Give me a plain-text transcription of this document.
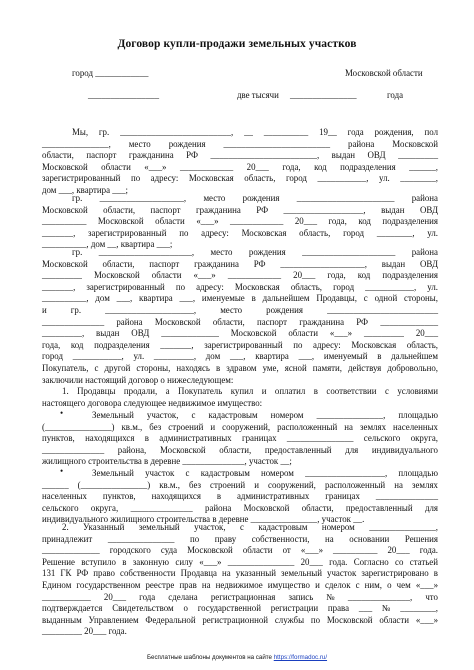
Договор купли-продажи земельных участков
город ____________	Московской области
________________	две тысячи _______________	года
Бесплатные шаблоны документов на сайте https://formadoc.ru/
Мы, гр. _________________________, __ __________ 19__ года рождения, пол
_______________, место рождения ________________________ района Московской
области, паспорт гражданина РФ ________________________, выдан ОВД _________
Московской области «___» ____________ 20___ года, код подразделения ______,
зарегистрированный по адресу: Московская область, город ___________, ул. ________,
дом ___, квартира ___;
гр. ___________________, место рождения ______________________ района
Московской области, паспорт гражданина РФ __________________, выдан ОВД
__________ Московской области «___» ____________ 20___ года, код подразделения
_______, зарегистрированный по адресу: Московская область, город ________, ул.
__________, дом __, квартира ___;
гр. _____________________, место рождения _____________________ района
Московской области, паспорт гражданина РФ ___________________, выдан ОВД
_________ Московской области «___» ____________ 20___ года, код подразделения
_______, зарегистрированный по адресу: Московская область, город ___________, ул.
__________, дом ___, квартира ___, именуемые в дальнейшем Продавцы, с одной стороны,
и	гр.	____________________,	место	рождения	_________________________
______________ района Московской области, паспорт гражданина РФ _____________
_________, выдан ОВД _____________ Московской области «___» _________ 20___
года, код подразделения _______, зарегистрированный по адресу: Московская область,
город ___________, ул. _________, дом ___, квартира ___, именуемый в дальнейшем
Покупатель, с другой стороны, находясь в здравом уме, ясной памяти, действуя добровольно,
заключили настоящий договор о нижеследующем:
1. Продавцы продали, а Покупатель купил и оплатил в соответствии с условиями
настоящего договора следующее недвижимое имущество:
Земельный участок, с кадастровым номером _______________, площадью
(_______________) кв.м., без строений и сооружений, расположенный на землях населенных
пунктов, находящихся в административных границах _______________ сельского округа,
______________ района, Московской области, предоставленный для индивидуального
жилищного строительства в деревне ______________, участок __;
•
Земельный участок с кадастровым номером __________________, площадью
______ (_______________) кв.м., без строений и сооружений, расположенный на землях
населенных пунктов, находящихся в административных границах ______________
сельского округа, ______________ района Московской области, предоставленный для
индивидуального жилищного строительства в деревне _______________, участок __.
•
2. Указанный земельный участок, с кадастровым номером _______________,
принадлежит _______________ по праву собственности, на основании Решения
_____________ городского суда Московской области от «___» __________ 20___ года.
Решение вступило в законную силу «___» _______________ 20___ года. Согласно со статьей
131 ГК РФ право собственности Продавца на указанный земельный участок зарегистрировано в
Едином государственном реестре прав на недвижимое имущество и сделок с ним, о чем «___»
___________ 20___ года сделана регистрационная запись № ______________, что
подтверждается Свидетельством о государственной регистрации права ___ № ________,
выданным Управлением Федеральной регистрационной службы по Московской области «___»
_________ 20___ года.
